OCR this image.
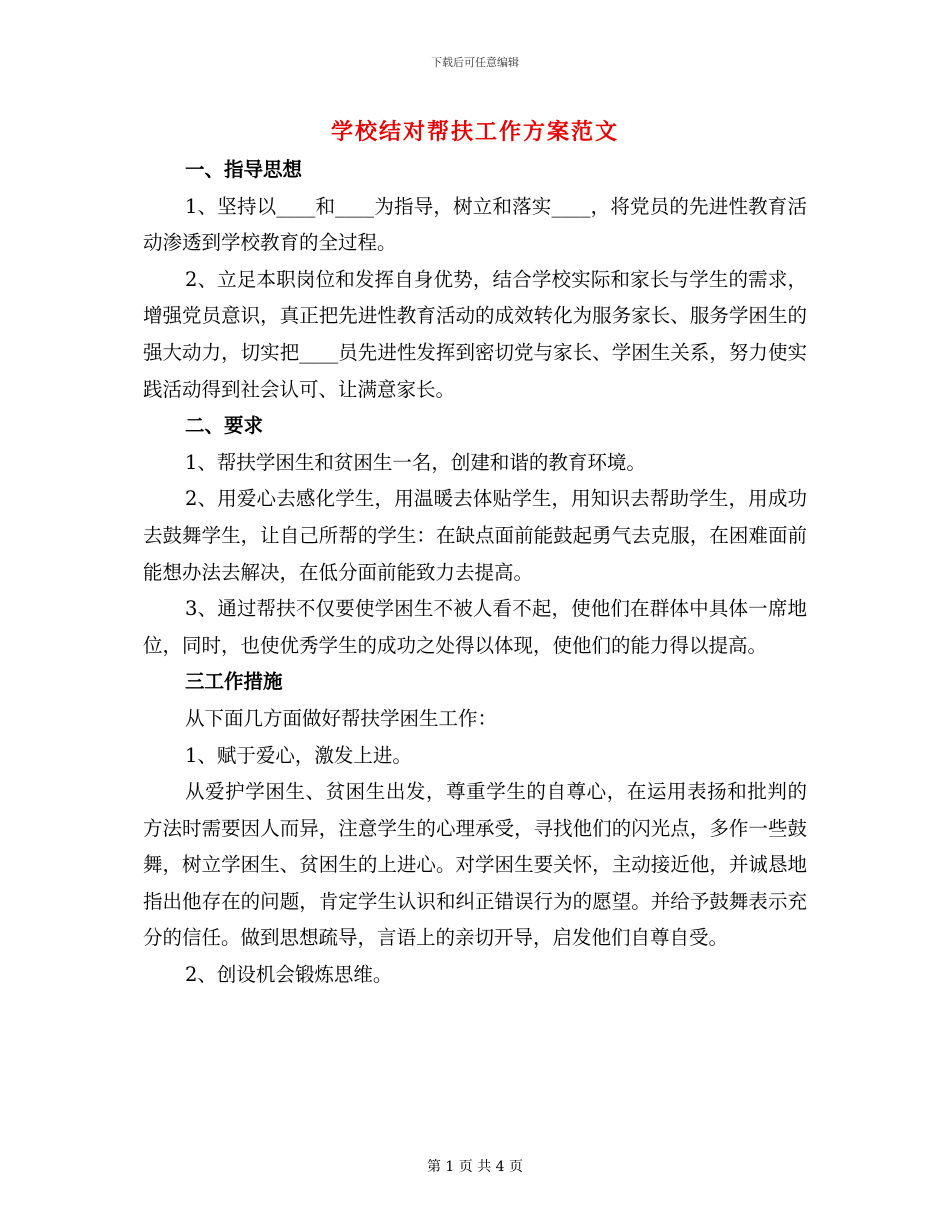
下载后可任意编辑
学校结对帮扶工作方案范文

一、指导思想

1、坚持以____和____为指导，树立和落实____，将党员的先进性教育活动渗透到学校教育的全过程。

2、立足本职岗位和发挥自身优势，结合学校实际和家长与学生的需求，增强党员意识，真正把先进性教育活动的成效转化为服务家长、服务学困生的强大动力，切实把____员先进性发挥到密切党与家长、学困生关系，努力使实践活动得到社会认可、让满意家长。

二、要求

1、帮扶学困生和贫困生一名，创建和谐的教育环境。

2、用爱心去感化学生，用温暖去体贴学生，用知识去帮助学生，用成功去鼓舞学生，让自己所帮的学生：在缺点面前能鼓起勇气去克服，在困难面前能想办法去解决，在低分面前能致力去提高。

3、通过帮扶不仅要使学困生不被人看不起，使他们在群体中具体一席地位，同时，也使优秀学生的成功之处得以体现，使他们的能力得以提高。

三工作措施

从下面几方面做好帮扶学困生工作：

1、赋于爱心，激发上进。

从爱护学困生、贫困生出发，尊重学生的自尊心，在运用表扬和批判的方法时需要因人而异，注意学生的心理承受，寻找他们的闪光点，多作一些鼓舞，树立学困生、贫困生的上进心。对学困生要关怀，主动接近他，并诚恳地指出他存在的问题，肯定学生认识和纠正错误行为的愿望。并给予鼓舞表示充分的信任。做到思想疏导，言语上的亲切开导，启发他们自尊自受。

2、创设机会锻炼思维。

第 1 页 共 4 页
